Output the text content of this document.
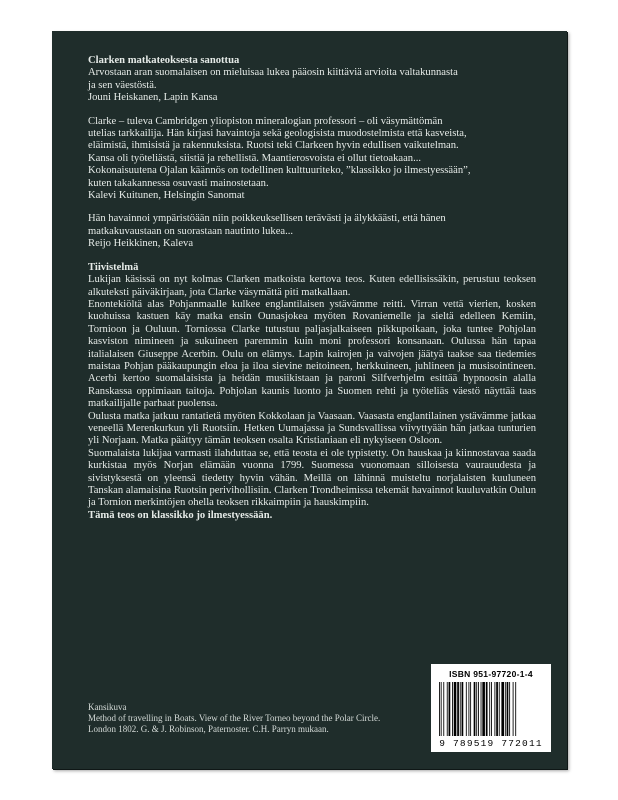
Clarken matkateoksesta sanottua

Arvostaan aran suomalaisen on mieluisaa lukea pääosin kiittäviä arvioita valtakunnasta
ja sen väestöstä.

Jouni Heiskanen, Lapin Kansa

Clarke – tuleva Cambridgen yliopiston mineralogian professori – oli väsymättömän
utelias tarkkailija. Hän kirjasi havaintoja sekä geologisista muodostelmista että kasveista,
eläimistä, ihmisistä ja rakennuksista. Ruotsi teki Clarkeen hyvin edullisen vaikutelman.
Kansa oli työteliästä, siistiä ja rehellistä. Maantierosvoista ei ollut tietoakaan...
Kokonaisuutena Ojalan käännös on todellinen kulttuuriteko, ”klassikko jo ilmestyessään”,
kuten takakannessa osuvasti mainostetaan.

Kalevi Kuitunen, Helsingin Sanomat

Hän havainnoi ympäristöään niin poikkeuksellisen terävästi ja älykkäästi, että hänen
matkakuvaustaan on suorastaan nautinto lukea...

Reijo Heikkinen, Kaleva

Tiivistelmä

Lukijan käsissä on nyt kolmas Clarken matkoista kertova teos. Kuten edellisissäkin, perustuu teoksen alkuteksti päiväkirjaan, jota Clarke väsymättä piti matkallaan.

Enontekiöltä alas Pohjanmaalle kulkee englantilaisen ystävämme reitti. Virran vettä vierien, kosken kuohuissa kastuen käy matka ensin Ounasjokea myöten Rovaniemelle ja sieltä edelleen Kemiin, Tornioon ja Ouluun. Torniossa Clarke tutustuu paljasjalkaiseen pikkupoikaan, joka tuntee Pohjolan kasviston nimineen ja sukuineen paremmin kuin moni professori konsanaan. Oulussa hän tapaa italialaisen Giuseppe Acerbin. Oulu on elämys. Lapin kairojen ja vaivojen jäätyä taakse saa tiedemies maistaa Pohjan pääkaupungin eloa ja iloa sievine neitoineen, herkkuineen, juhlineen ja musisointineen. Acerbi kertoo suomalaisista ja heidän musiikistaan ja paroni Silfverhjelm esittää hypnoosin alalla Ranskassa oppimiaan taitoja. Pohjolan kaunis luonto ja Suomen rehti ja työteliäs väestö näyttää taas matkailijalle parhaat puolensa.

Oulusta matka jatkuu rantatietä myöten Kokkolaan ja Vaasaan. Vaasasta englantilainen ystävämme jatkaa veneellä Merenkurkun yli Ruotsiin. Hetken Uumajassa ja Sundsvallissa viivyttyään hän jatkaa tunturien yli Norjaan. Matka päättyy tämän teoksen osalta Kristianiaan eli nykyiseen Osloon.

Suomalaista lukijaa varmasti ilahduttaa se, että teosta ei ole typistetty. On hauskaa ja kiinnostavaa saada kurkistaa myös Norjan elämään vuonna 1799. Suomessa vuonomaan silloisesta vaurauudesta ja sivistyksestä on yleensä tiedetty hyvin vähän. Meillä on lähinnä muisteltu norjalaisten kuuluneen Tanskan alamaisina Ruotsin perivihollisiin. Clarken Trondheimissa tekemät havainnot kuuluvatkin Oulun ja Tornion merkintöjen ohella teoksen rikkaimpiin ja hauskimpiin.

Tämä teos on klassikko jo ilmestyessään.

Kansikuva
Method of travelling in Boats. View of the River Torneo beyond the Polar Circle.
London 1802. G. & J. Robinson, Paternoster. C.H. Parryn mukaan.
ISBN 951-97720-1-4
9 789519 772011
